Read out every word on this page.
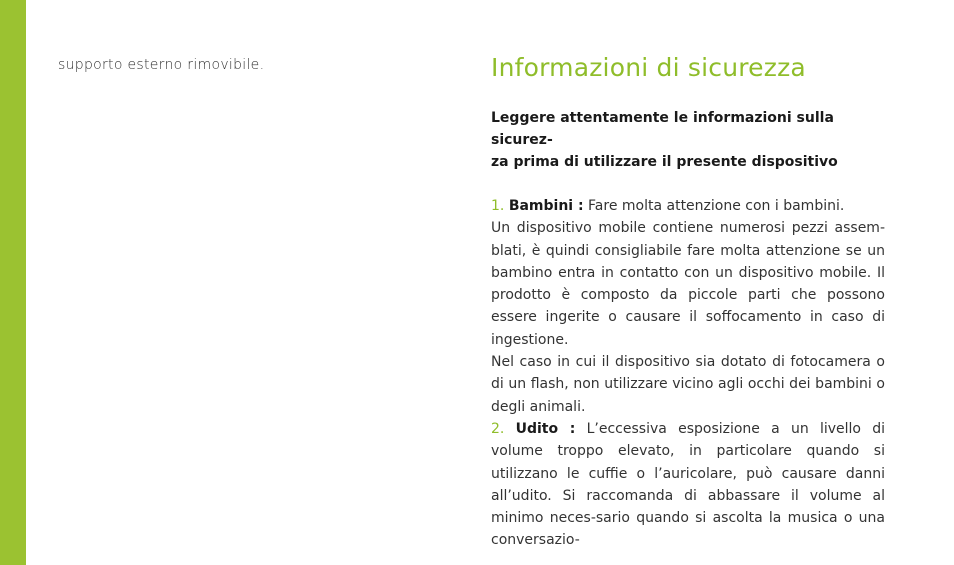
supporto esterno rimovibile.	Informazioni di sicurezza
Leggere attentamente le informazioni sulla sicurez-
za prima di utilizzare il presente dispositivo

1. Bambini : Fare molta attenzione con i bambini.

Un dispositivo mobile contiene numerosi pezzi assem-blati, è quindi consigliabile fare molta attenzione se un bambino entra in contatto con un dispositivo mobile. Il prodotto è composto da piccole parti che possono essere ingerite o causare il soffocamento in caso di ingestione.

Nel caso in cui il dispositivo sia dotato di fotocamera o di un flash, non utilizzare vicino agli occhi dei bambini o degli animali.

2. Udito : L’eccessiva esposizione a un livello di volume troppo elevato, in particolare quando si utilizzano le cuffie o l’auricolare, può causare danni all’udito. Si raccomanda di abbassare il volume al minimo neces-sario quando si ascolta la musica o una conversazio-
